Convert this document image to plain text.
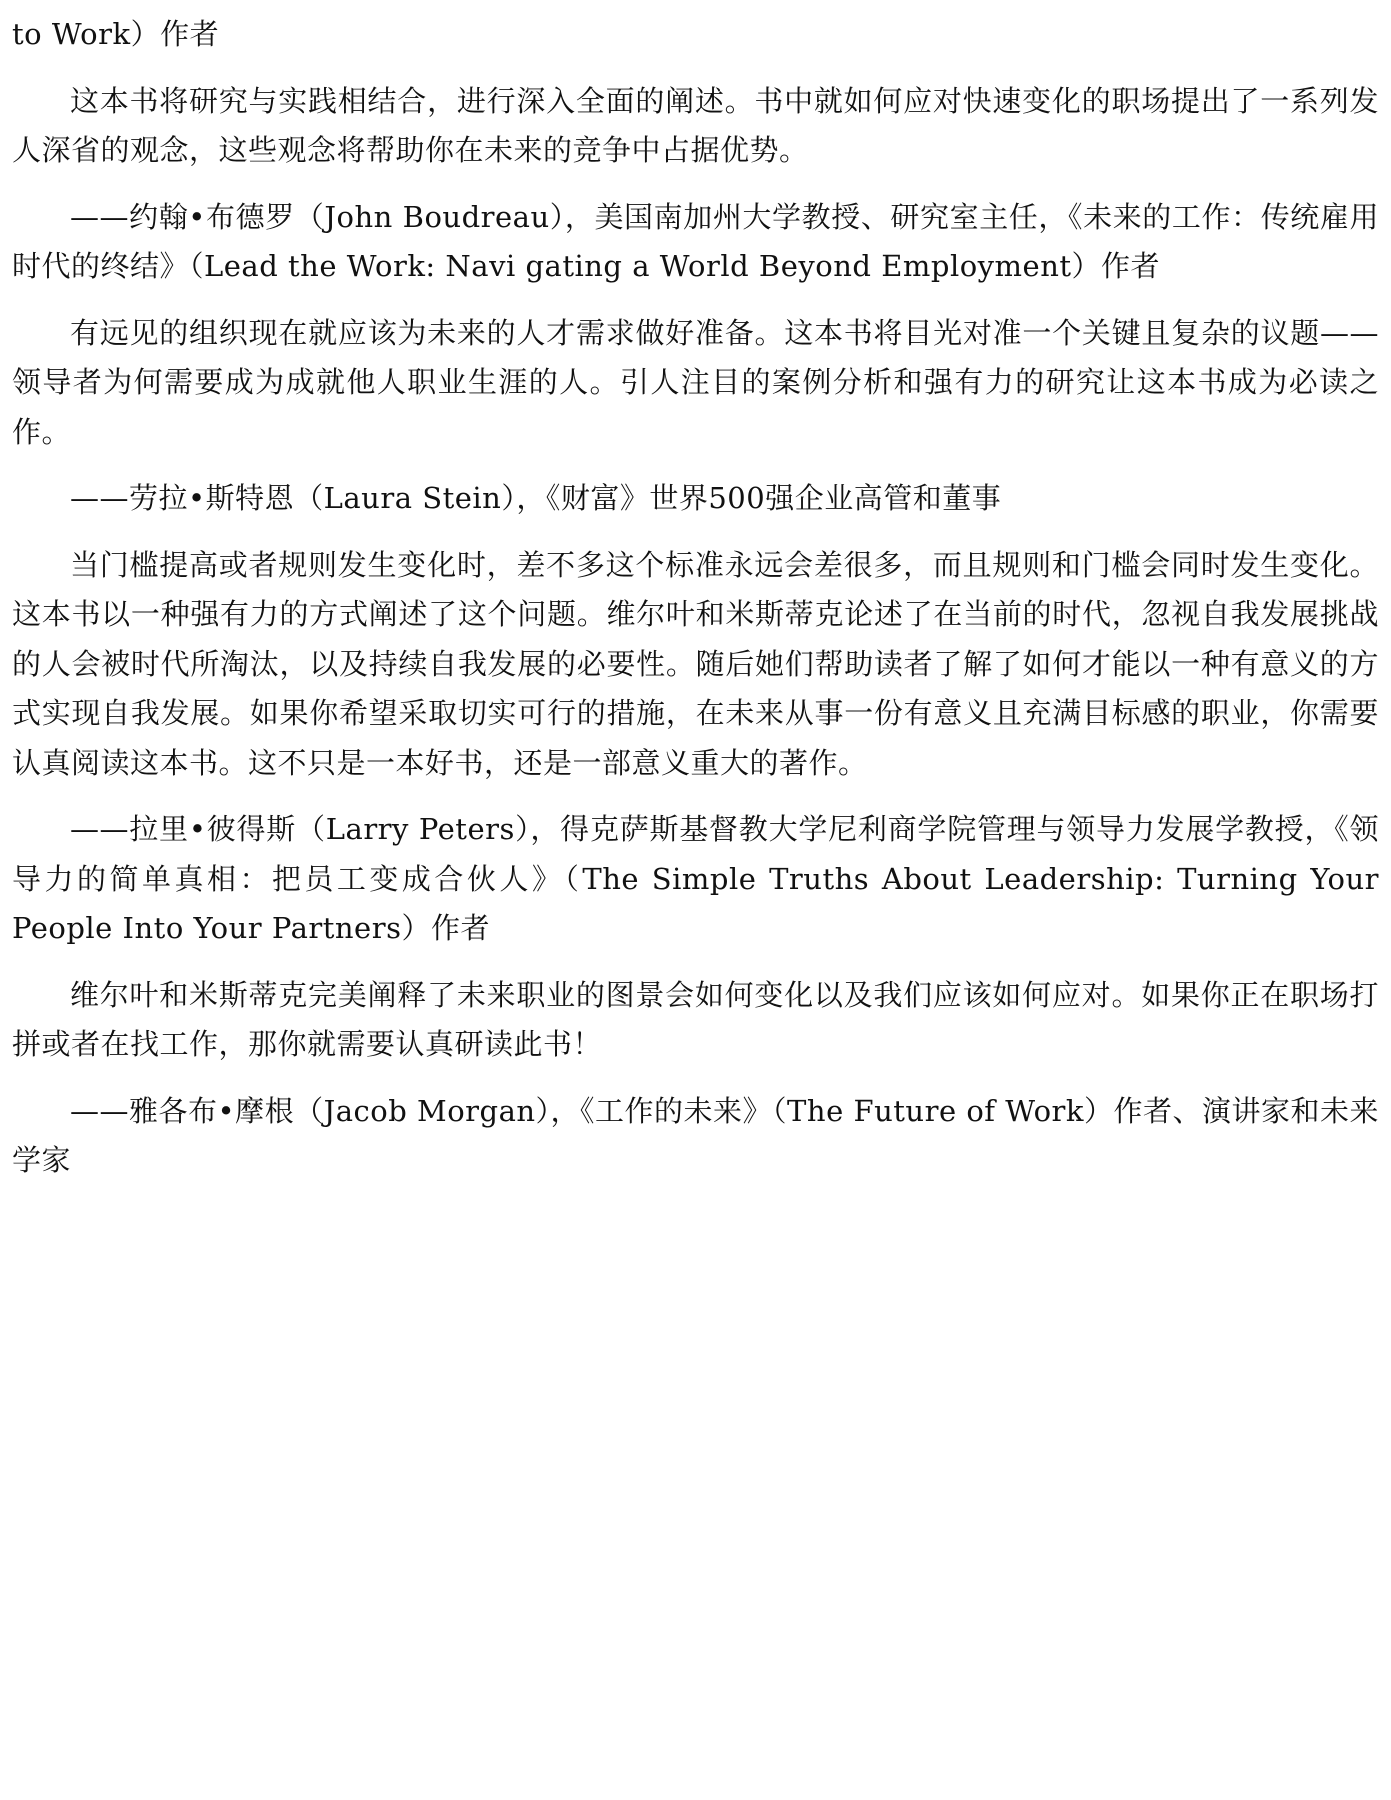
to Work）作者

这本书将研究与实践相结合，进行深入全面的阐述。书中就如何应对快速变化的职场提出了一系列发人深省的观念，这些观念将帮助你在未来的竞争中占据优势。

——约翰•布德罗（John Boudreau），美国南加州大学教授、研究室主任，《未来的工作：传统雇用时代的终结》（Lead the Work: Navi gating a World Beyond Employment）作者

有远见的组织现在就应该为未来的人才需求做好准备。这本书将目光对准一个关键且复杂的议题——领导者为何需要成为成就他人职业生涯的人。引人注目的案例分析和强有力的研究让这本书成为必读之作。

——劳拉•斯特恩（Laura Stein），《财富》世界500强企业高管和董事

当门槛提高或者规则发生变化时，差不多这个标准永远会差很多，而且规则和门槛会同时发生变化。这本书以一种强有力的方式阐述了这个问题。维尔叶和米斯蒂克论述了在当前的时代，忽视自我发展挑战的人会被时代所淘汰，以及持续自我发展的必要性。随后她们帮助读者了解了如何才能以一种有意义的方式实现自我发展。如果你希望采取切实可行的措施，在未来从事一份有意义且充满目标感的职业，你需要认真阅读这本书。这不只是一本好书，还是一部意义重大的著作。

——拉里•彼得斯（Larry Peters），得克萨斯基督教大学尼利商学院管理与领导力发展学教授，《领导力的简单真相：把员工变成合伙人》（The Simple Truths About Leadership: Turning Your People Into Your Partners）作者

维尔叶和米斯蒂克完美阐释了未来职业的图景会如何变化以及我们应该如何应对。如果你正在职场打拼或者在找工作，那你就需要认真研读此书！

——雅各布•摩根（Jacob Morgan），《工作的未来》（The Future of Work）作者、演讲家和未来学家
